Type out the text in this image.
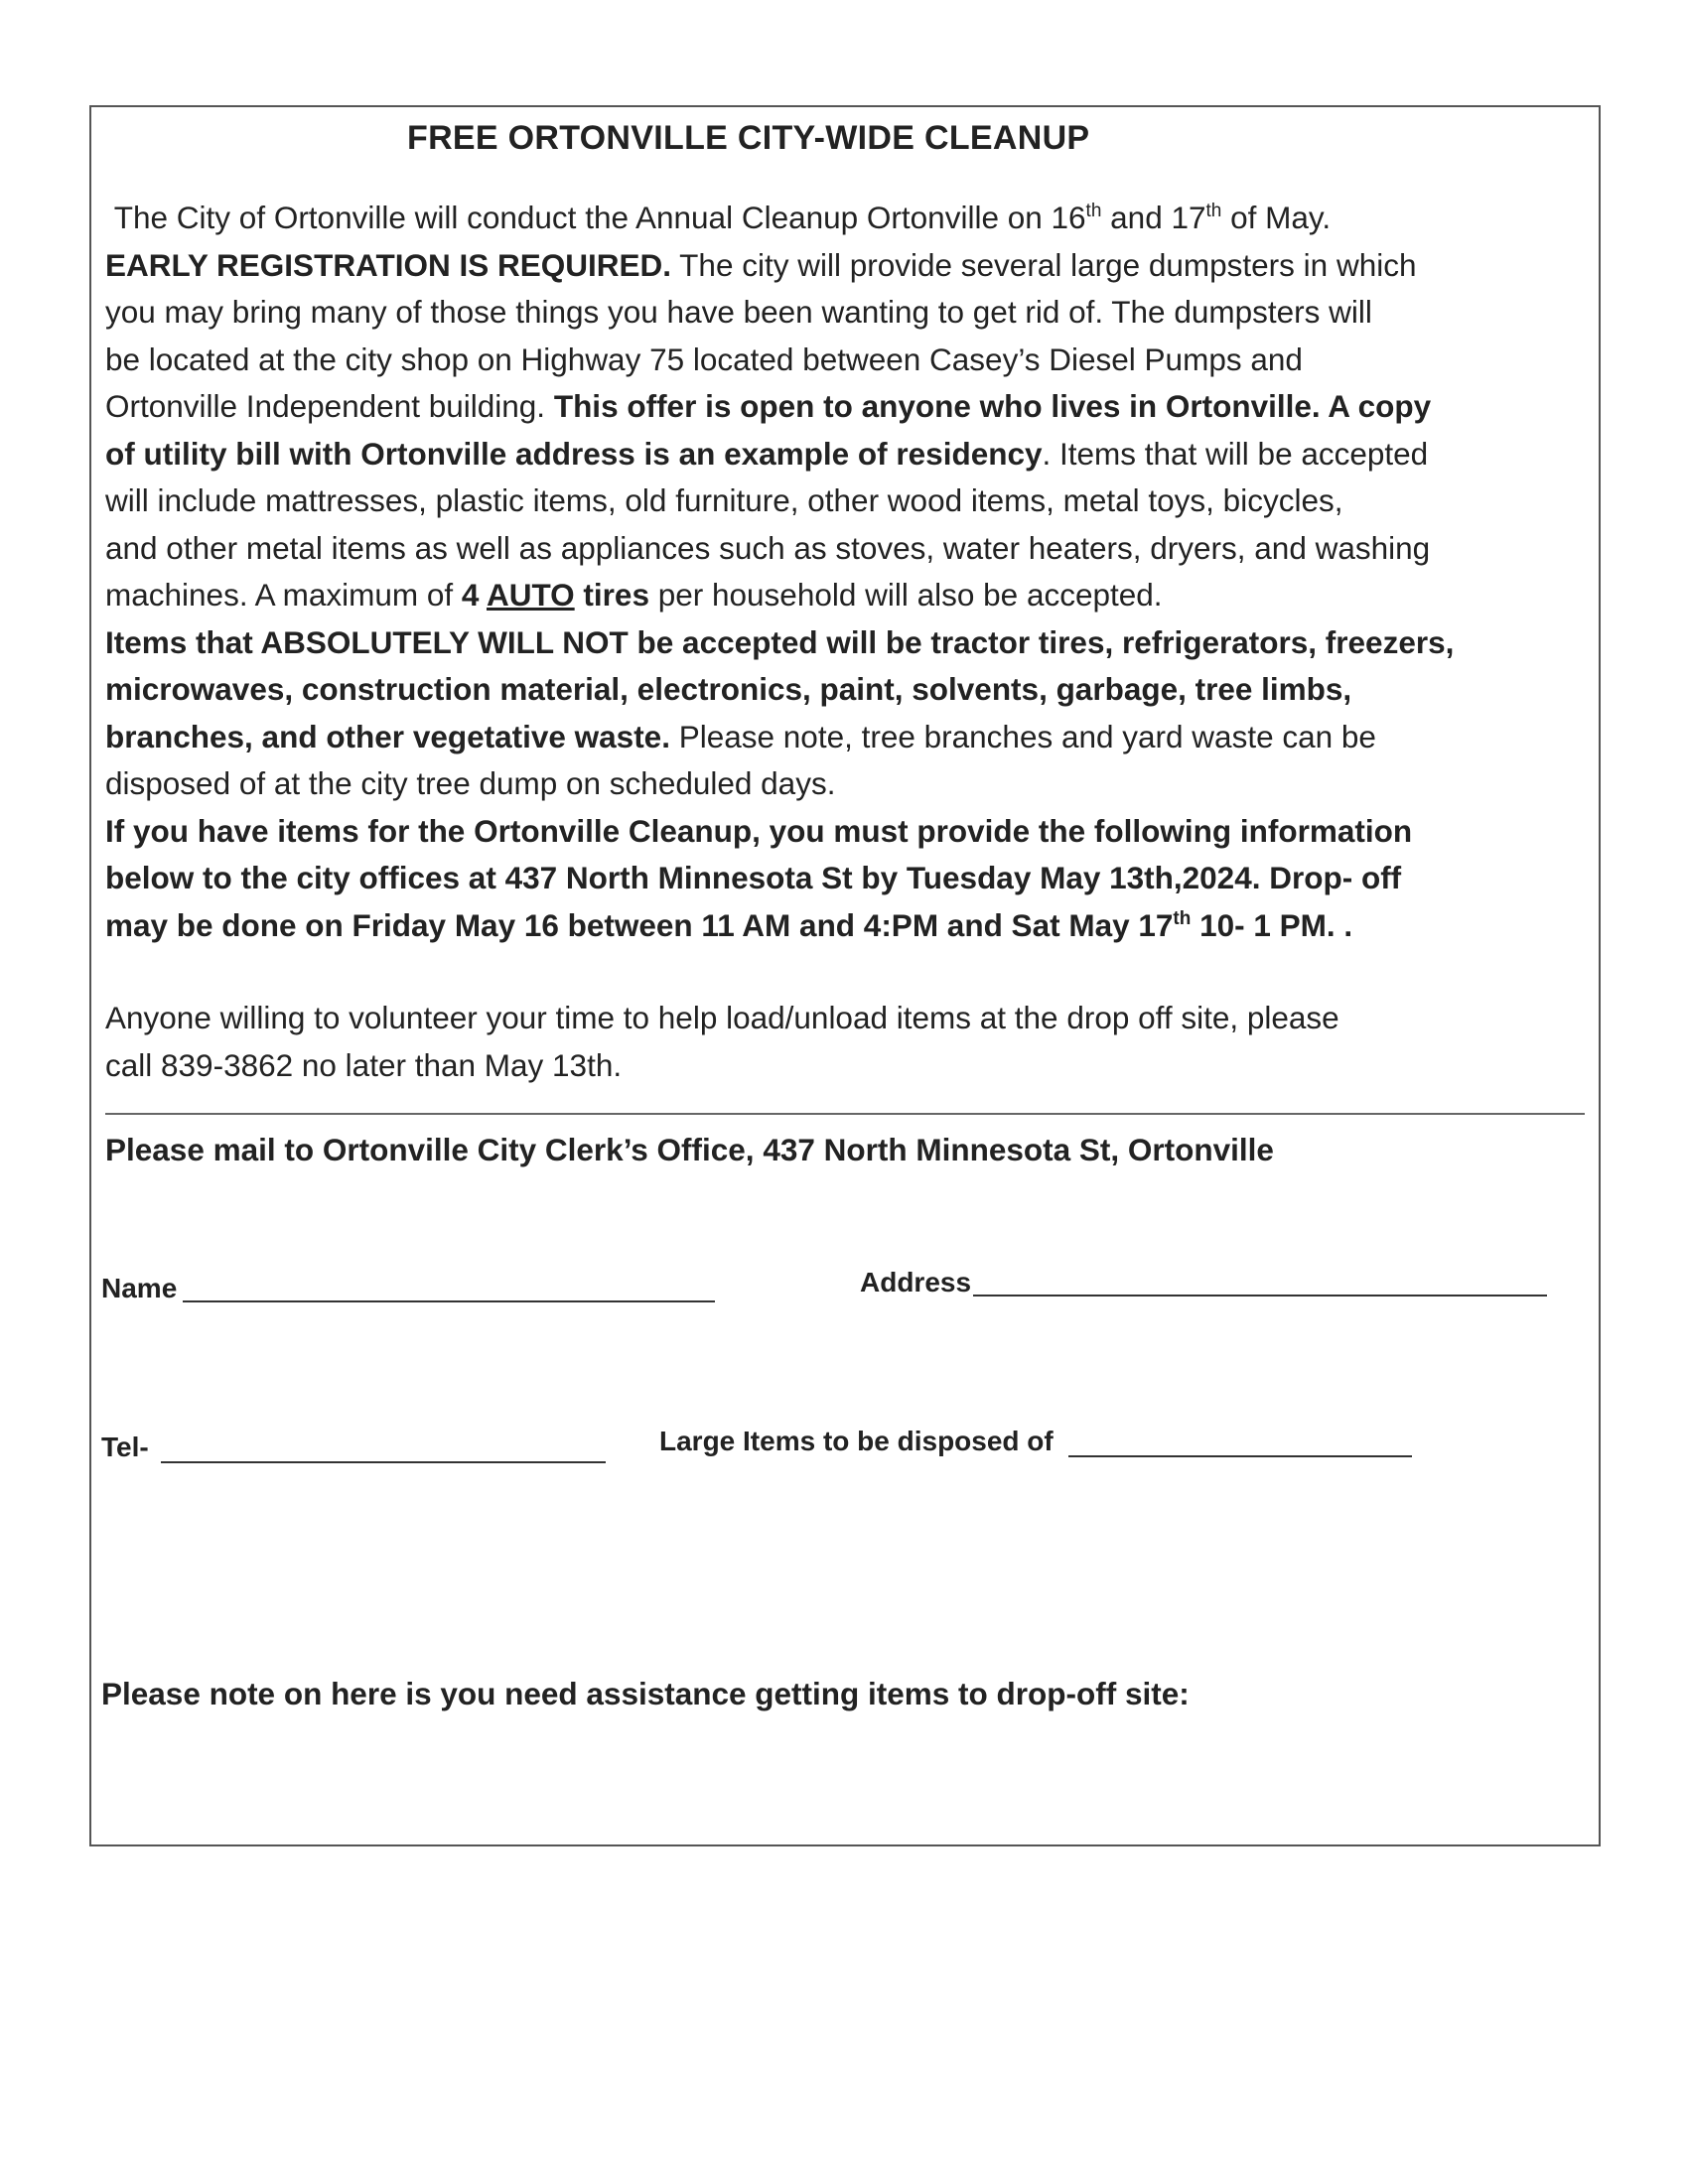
FREE ORTONVILLE CITY-WIDE CLEANUP
The City of Ortonville will conduct the Annual Cleanup Ortonville on 16th and 17th of May.
EARLY REGISTRATION IS REQUIRED. The city will provide several large dumpsters in which
you may bring many of those things you have been wanting to get rid of. The dumpsters will
be located at the city shop on Highway 75 located between Casey’s Diesel Pumps and
Ortonville Independent building. This offer is open to anyone who lives in Ortonville. A copy
of utility bill with Ortonville address is an example of residency. Items that will be accepted
will include mattresses, plastic items, old furniture, other wood items, metal toys, bicycles,
and other metal items as well as appliances such as stoves, water heaters, dryers, and washing
machines. A maximum of 4 AUTO tires per household will also be accepted.
Items that ABSOLUTELY WILL NOT be accepted will be tractor tires, refrigerators, freezers,
microwaves, construction material, electronics, paint, solvents, garbage, tree limbs,
branches, and other vegetative waste. Please note, tree branches and yard waste can be
disposed of at the city tree dump on scheduled days.
If you have items for the Ortonville Cleanup, you must provide the following information
below to the city offices at 437 North Minnesota St by Tuesday May 13th,2024. Drop- off
may be done on Friday May 16 between 11 AM and 4:PM and Sat May 17th 10- 1 PM. .
Anyone willing to volunteer your time to help load/unload items at the drop off site, please
call 839-3862 no later than May 13th.
Please mail to Ortonville City Clerk’s Office, 437 North Minnesota St, Ortonville
Name	Address
Tel-	Large Items to be disposed of
Please note on here is you need assistance getting items to drop-off site:
